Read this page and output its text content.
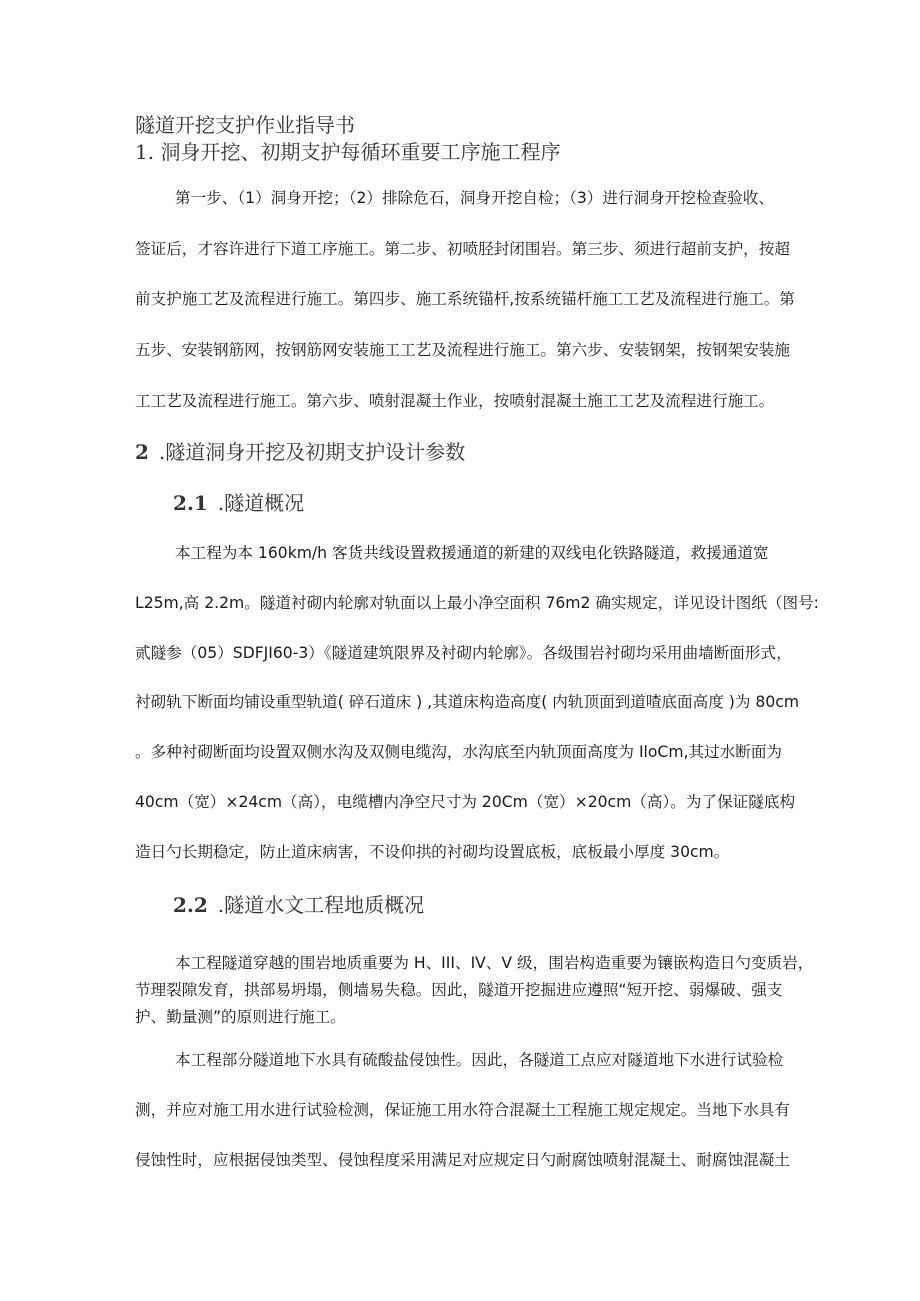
隧道开挖支护作业指导书
1. 洞身开挖、初期支护每循环重要工序施工程序
第一步、（1）洞身开挖；（2）排除危石，洞身开挖自检；（3）进行洞身开挖检查验收、
签证后，才容许进行下道工序施工。第二步、初喷胫封闭围岩。第三步、须进行超前支护，按超
前支护施工艺及流程进行施工。第四步、施工系统锚杆,按系统锚杆施工工艺及流程进行施工。第
五步、安装钢筋网，按钢筋网安装施工工艺及流程进行施工。第六步、安装钢架，按钢架安装施
工工艺及流程进行施工。第六步、喷射混凝土作业，按喷射混凝土施工工艺及流程进行施工。
2 .隧道洞身开挖及初期支护设计参数
2.1 .隧道概况
本工程为本 160km/h 客货共线设置救援通道的新建的双线电化铁路隧道，救援通道宽
L25m,高 2.2m。隧道衬砌内轮廓对轨面以上最小净空面积 76m2 确实规定，详见设计图纸（图号:
贰隧参（05）SDFJI60-3）《隧道建筑限界及衬砌内轮廓》。各级围岩衬砌均采用曲墙断面形式，
衬砌轨下断面均铺设重型轨道( 碎石道床 ) ,其道床构造高度( 内轨顶面到道喳底面高度 )为 80cm
。多种衬砌断面均设置双侧水沟及双侧电缆沟，水沟底至内轨顶面高度为 IloCm,其过水断面为
40cm（宽）×24cm（高），电缆槽内净空尺寸为 20Cm（宽）×20cm（高）。为了保证隧底构
造日勺长期稳定，防止道床病害，不设仰拱的衬砌均设置底板，底板最小厚度 30cm。
2.2 .隧道水文工程地质概况
本工程隧道穿越的围岩地质重要为 H、III、IV、V 级，围岩构造重要为镶嵌构造日勺变质岩，
节理裂隙发育，拱部易坍塌，侧墙易失稳。因此，隧道开挖掘进应遵照“短开挖、弱爆破、强支
护、勤量测”的原则进行施工。
本工程部分隧道地下水具有硫酸盐侵蚀性。因此，各隧道工点应对隧道地下水进行试验检
测，并应对施工用水进行试验检测，保证施工用水符合混凝土工程施工规定规定。当地下水具有
侵蚀性时，应根据侵蚀类型、侵蚀程度采用满足对应规定日勺耐腐蚀喷射混凝土、耐腐蚀混凝土
